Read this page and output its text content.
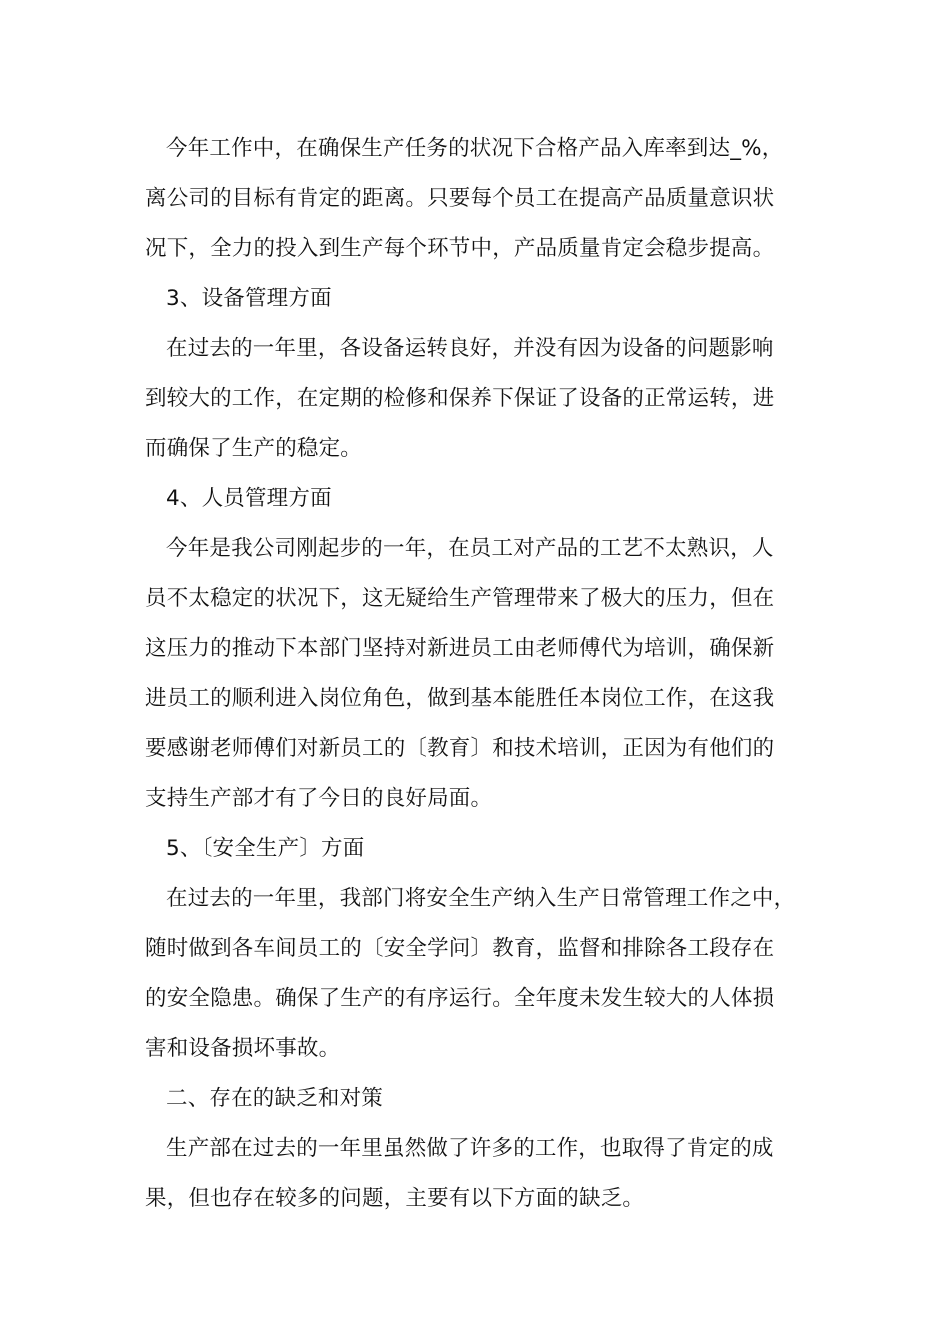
今年工作中，在确保生产任务的状况下合格产品入库率到达_%，
离公司的目标有肯定的距离。只要每个员工在提高产品质量意识状
况下，全力的投入到生产每个环节中，产品质量肯定会稳步提高。
3、设备管理方面
在过去的一年里，各设备运转良好，并没有因为设备的问题影响
到较大的工作，在定期的检修和保养下保证了设备的正常运转，进
而确保了生产的稳定。
4、人员管理方面
今年是我公司刚起步的一年，在员工对产品的工艺不太熟识，人
员不太稳定的状况下，这无疑给生产管理带来了极大的压力，但在
这压力的推动下本部门坚持对新进员工由老师傅代为培训，确保新
进员工的顺利进入岗位角色，做到基本能胜任本岗位工作，在这我
要感谢老师傅们对新员工的〔教育〕和技术培训，正因为有他们的
支持生产部才有了今日的良好局面。
5、〔安全生产〕方面
在过去的一年里，我部门将安全生产纳入生产日常管理工作之中，
随时做到各车间员工的〔安全学问〕教育，监督和排除各工段存在
的安全隐患。确保了生产的有序运行。全年度未发生较大的人体损
害和设备损坏事故。
二、存在的缺乏和对策
生产部在过去的一年里虽然做了许多的工作，也取得了肯定的成
果，但也存在较多的问题，主要有以下方面的缺乏。
